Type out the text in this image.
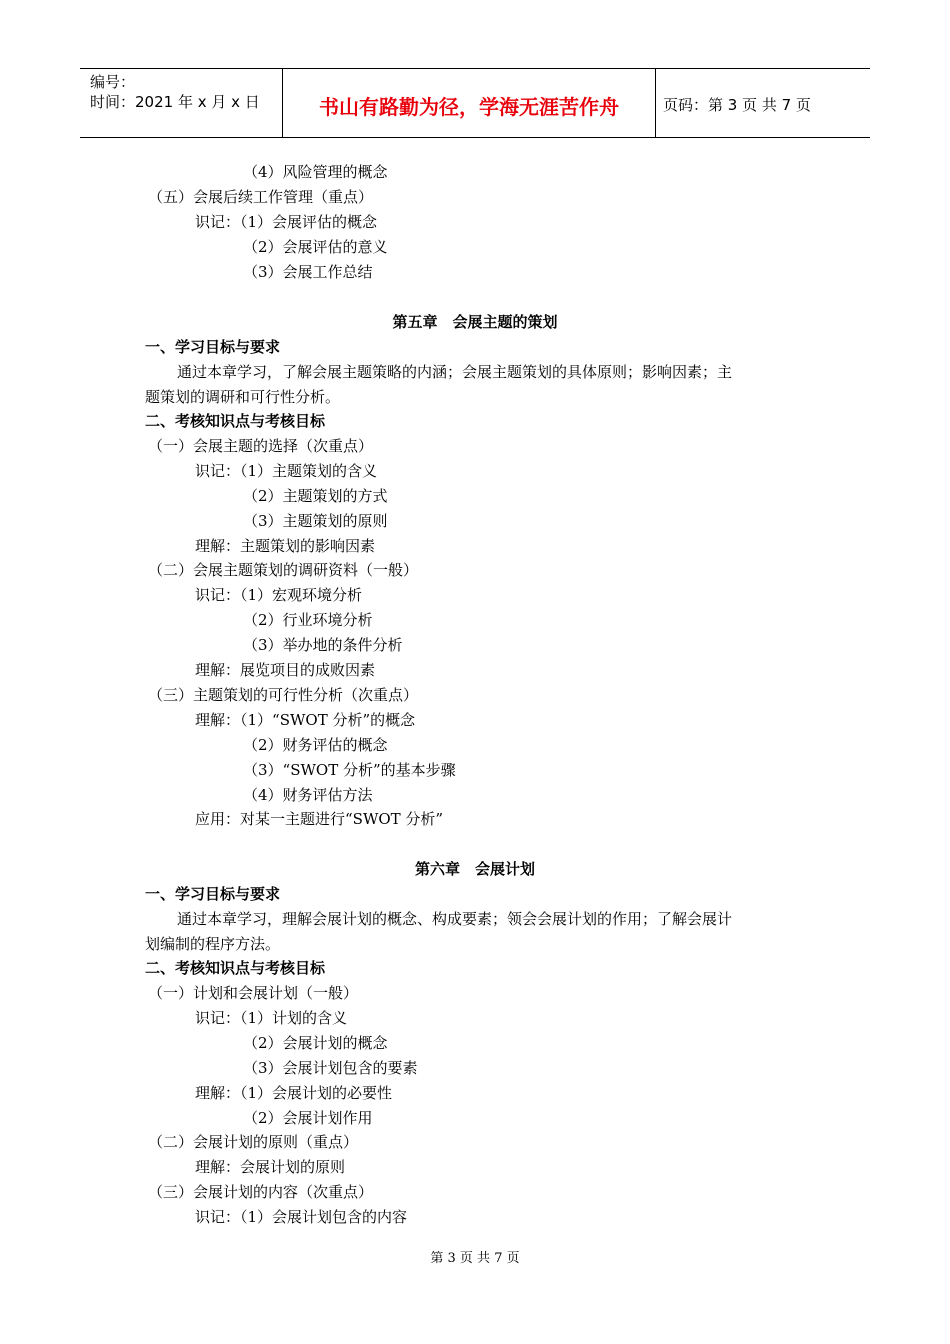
编号：
时间：2021 年 x 月 x 日	书山有路勤为径，学海无涯苦作舟	页码：第 3 页 共 7 页
（4）风险管理的概念
（五）会展后续工作管理（重点）
识记：（1）会展评估的概念
（2）会展评估的意义
（3）会展工作总结
第五章　会展主题的策划
一、学习目标与要求
通过本章学习，了解会展主题策略的内涵；会展主题策划的具体原则；影响因素；主
题策划的调研和可行性分析。
二、考核知识点与考核目标
（一）会展主题的选择（次重点）
识记：（1）主题策划的含义
（2）主题策划的方式
（3）主题策划的原则
理解：主题策划的影响因素
（二）会展主题策划的调研资料（一般）
识记：（1）宏观环境分析
（2）行业环境分析
（3）举办地的条件分析
理解：展览项目的成败因素
（三）主题策划的可行性分析（次重点）
理解：（1）“SWOT 分析”的概念
（2）财务评估的概念
（3）“SWOT 分析”的基本步骤
（4）财务评估方法
应用：对某一主题进行“SWOT 分析”
第六章　会展计划
一、学习目标与要求
通过本章学习，理解会展计划的概念、构成要素；领会会展计划的作用；了解会展计
划编制的程序方法。
二、考核知识点与考核目标
（一）计划和会展计划（一般）
识记：（1）计划的含义
（2）会展计划的概念
（3）会展计划包含的要素
理解：（1）会展计划的必要性
（2）会展计划作用
（二）会展计划的原则（重点）
理解：会展计划的原则
（三）会展计划的内容（次重点）
识记：（1）会展计划包含的内容
第 3 页 共 7 页
